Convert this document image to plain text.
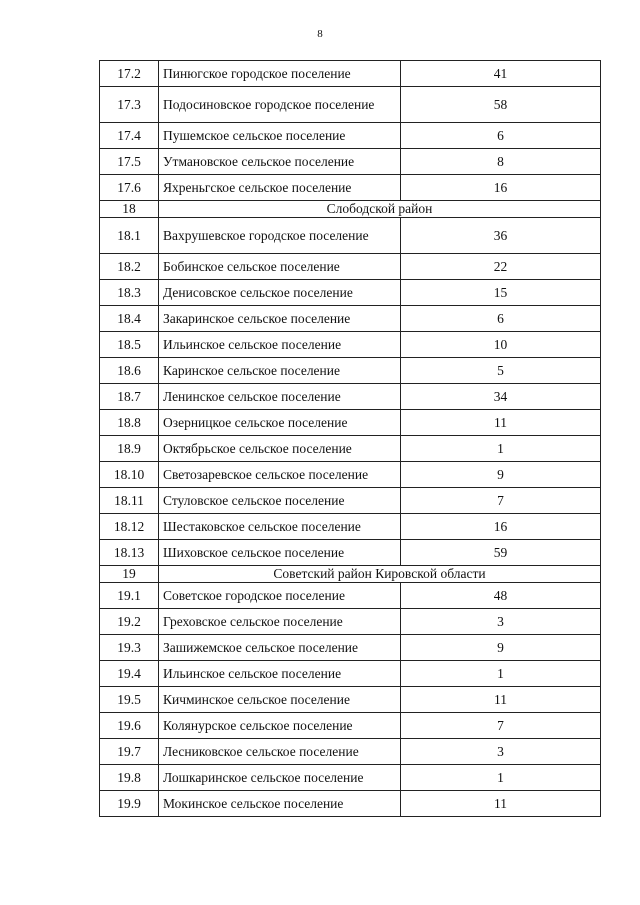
8
17.2	Пинюгское городское поселение	41
17.3	Подосиновское городское поселение	58
17.4	Пушемское сельское поселение	6
17.5	Утмановское сельское поселение	8
17.6	Яхреньгское сельское поселение	16
18	Слободской район	
18.1	Вахрушевское городское поселение	36
18.2	Бобинское сельское поселение	22
18.3	Денисовское сельское поселение	15
18.4	Закаринское сельское поселение	6
18.5	Ильинское сельское поселение	10
18.6	Каринское сельское поселение	5
18.7	Ленинское сельское поселение	34
18.8	Озерницкое сельское поселение	11
18.9	Октябрьское сельское поселение	1
18.10	Светозаревское сельское поселение	9
18.11	Стуловское сельское поселение	7
18.12	Шестаковское сельское поселение	16
18.13	Шиховское сельское поселение	59
19	Советский район Кировской области	
19.1	Советское городское поселение	48
19.2	Греховское сельское поселение	3
19.3	Зашижемское сельское поселение	9
19.4	Ильинское сельское поселение	1
19.5	Кичминское сельское поселение	11
19.6	Колянурское сельское поселение	7
19.7	Лесниковское сельское поселение	3
19.8	Лошкаринское сельское поселение	1
19.9	Мокинское сельское поселение	11
